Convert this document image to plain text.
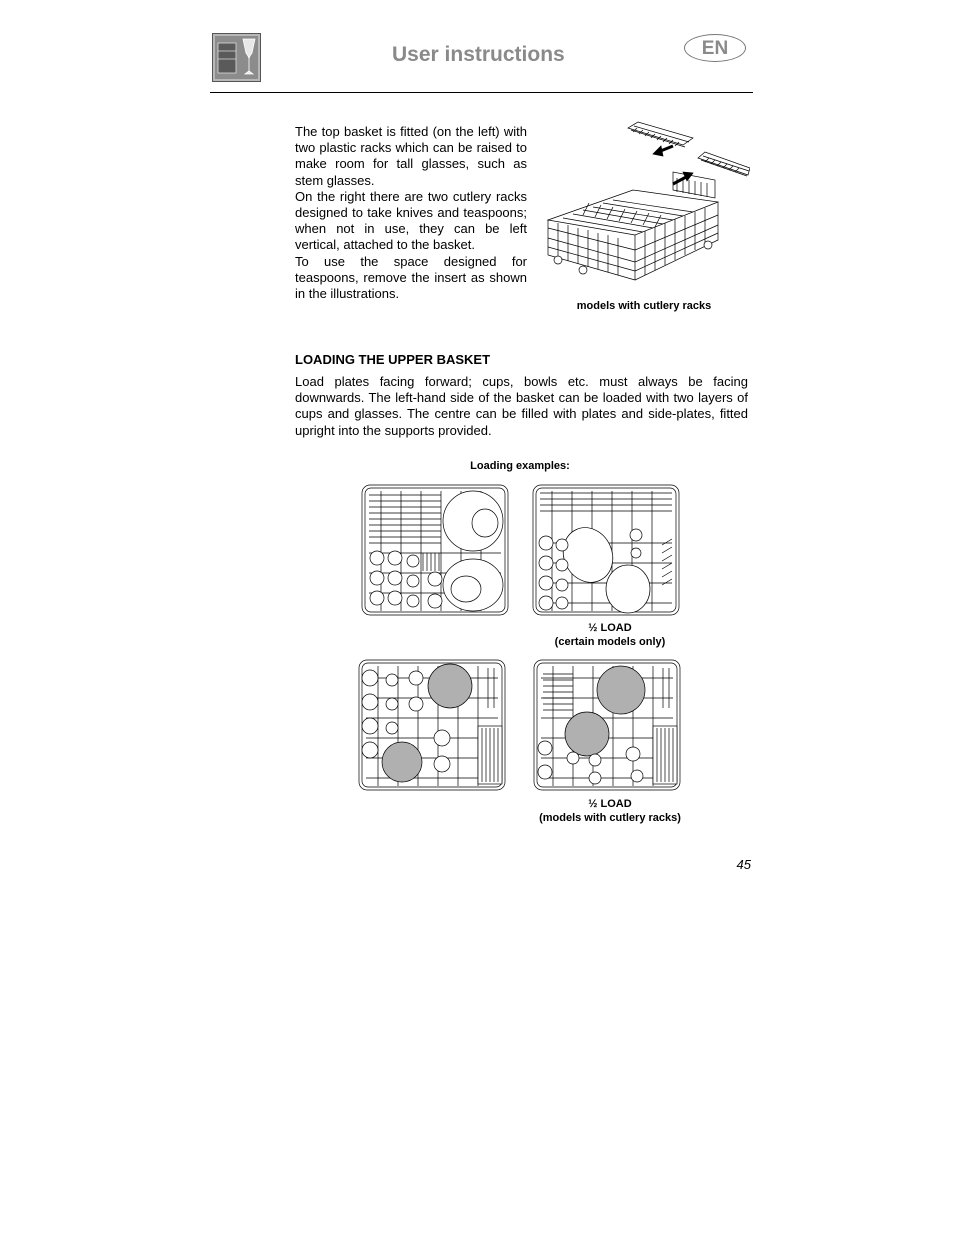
User instructions	EN

The top basket is fitted (on the left) with two plastic racks which can be raised to make room for tall glasses, such as stem glasses.

On the right there are two cutlery racks designed to take knives and teaspoons; when not in use, they can be left vertical, attached to the basket.

To use the space designed for teaspoons, remove the insert as shown in the illustrations.

models with cutlery racks
LOADING THE UPPER BASKET

Load plates facing forward; cups, bowls etc. must always be facing downwards. The left-hand side of the basket can be loaded with two layers of cups and glasses. The centre can be filled with plates and side-plates, fitted upright into the supports provided.

Loading examples:
½ LOAD
(certain models only)
½ LOAD
(models with cutlery racks)
45
